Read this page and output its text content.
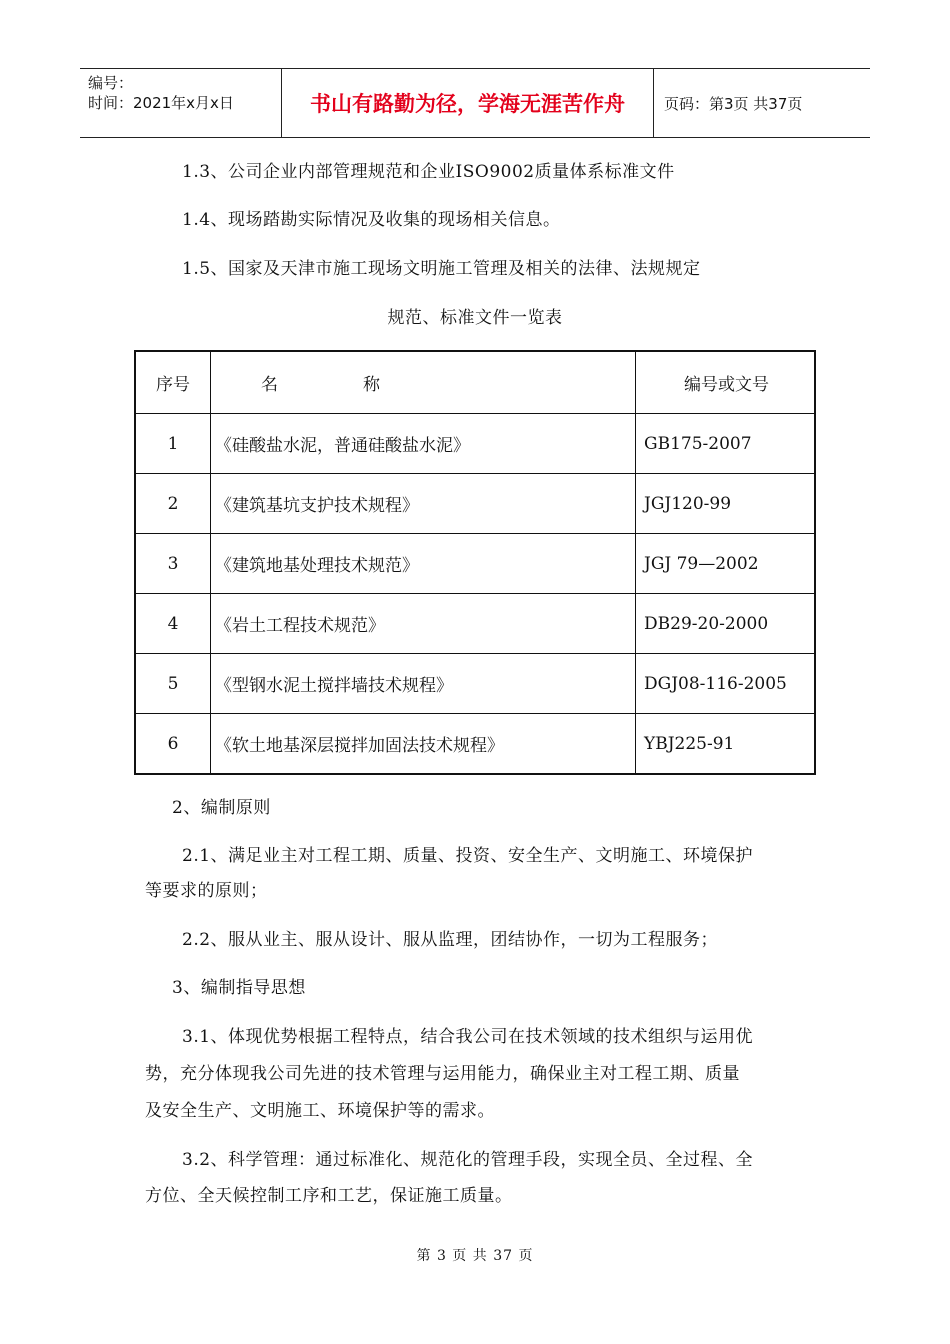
编号：
时间：2021年x月x日	书山有路勤为径，学海无涯苦作舟	页码：第3页 共37页
1.3、公司企业内部管理规范和企业ISO9002质量体系标准文件
1.4、现场踏勘实际情况及收集的现场相关信息。
1.5、国家及天津市施工现场文明施工管理及相关的法律、法规规定
规范、标准文件一览表
序号	名　　　　　称	编号或文号
1	《硅酸盐水泥，普通硅酸盐水泥》	GB175-2007
2	《建筑基坑支护技术规程》	JGJ120-99
3	《建筑地基处理技术规范》	JGJ 79—2002
4	《岩土工程技术规范》	DB29-20-2000
5	《型钢水泥土搅拌墙技术规程》	DGJ08-116-2005
6	《软土地基深层搅拌加固法技术规程》	YBJ225-91
2、编制原则
2.1、满足业主对工程工期、质量、投资、安全生产、文明施工、环境保护
等要求的原则；
2.2、服从业主、服从设计、服从监理，团结协作，一切为工程服务；
3、编制指导思想
3.1、体现优势根据工程特点，结合我公司在技术领域的技术组织与运用优
势，充分体现我公司先进的技术管理与运用能力，确保业主对工程工期、质量
及安全生产、文明施工、环境保护等的需求。
3.2、科学管理：通过标准化、规范化的管理手段，实现全员、全过程、全
方位、全天候控制工序和工艺，保证施工质量。
第 3 页 共 37 页
